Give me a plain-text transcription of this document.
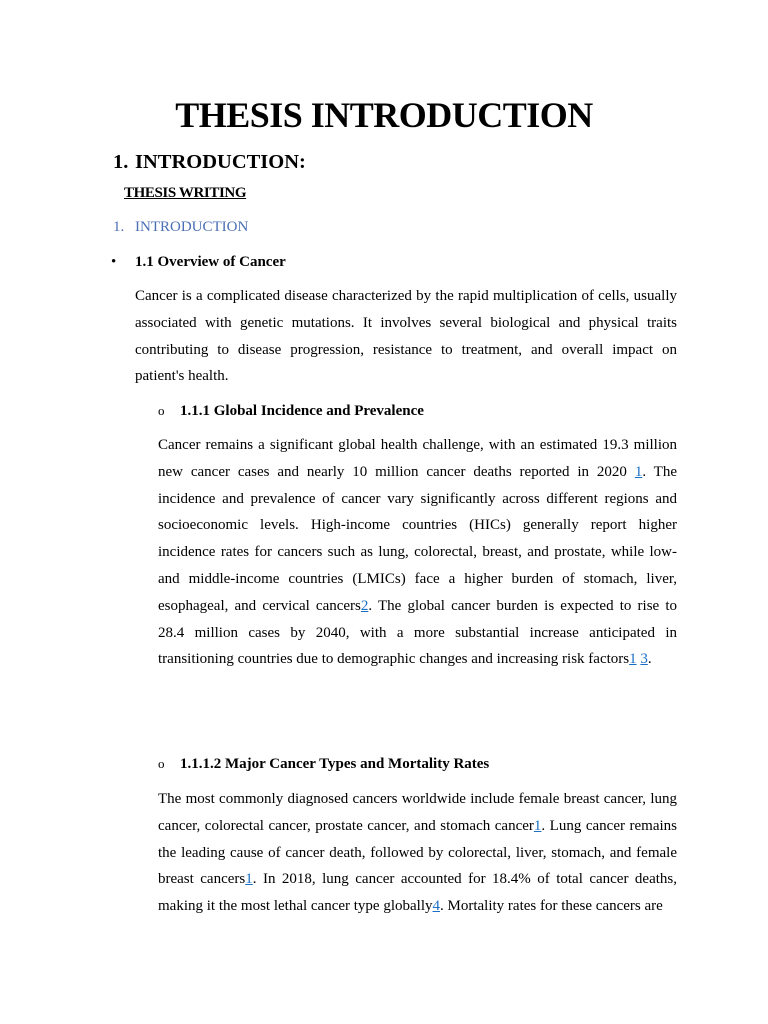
THESIS INTRODUCTION
1. INTRODUCTION:
THESIS WRITING
1. INTRODUCTION
• 1.1 Overview of Cancer

Cancer is a complicated disease characterized by the rapid multiplication of cells, usually associated with genetic mutations. It involves several biological and physical traits contributing to disease progression, resistance to treatment, and overall impact on patient's health.

o 1.1.1 Global Incidence and Prevalence

Cancer remains a significant global health challenge, with an estimated 19.3 million new cancer cases and nearly 10 million cancer deaths reported in 2020 1. The incidence and prevalence of cancer vary significantly across different regions and socioeconomic levels. High-income countries (HICs) generally report higher incidence rates for cancers such as lung, colorectal, breast, and prostate, while low- and middle-income countries (LMICs) face a higher burden of stomach, liver, esophageal, and cervical cancers2. The global cancer burden is expected to rise to 28.4 million cases by 2040, with a more substantial increase anticipated in transitioning countries due to demographic changes and increasing risk factors1 3.

o 1.1.1.2 Major Cancer Types and Mortality Rates

The most commonly diagnosed cancers worldwide include female breast cancer, lung cancer, colorectal cancer, prostate cancer, and stomach cancer1. Lung cancer remains the leading cause of cancer death, followed by colorectal, liver, stomach, and female breast cancers1. In 2018, lung cancer accounted for 18.4% of total cancer deaths, making it the most lethal cancer type globally4. Mortality rates for these cancers are
